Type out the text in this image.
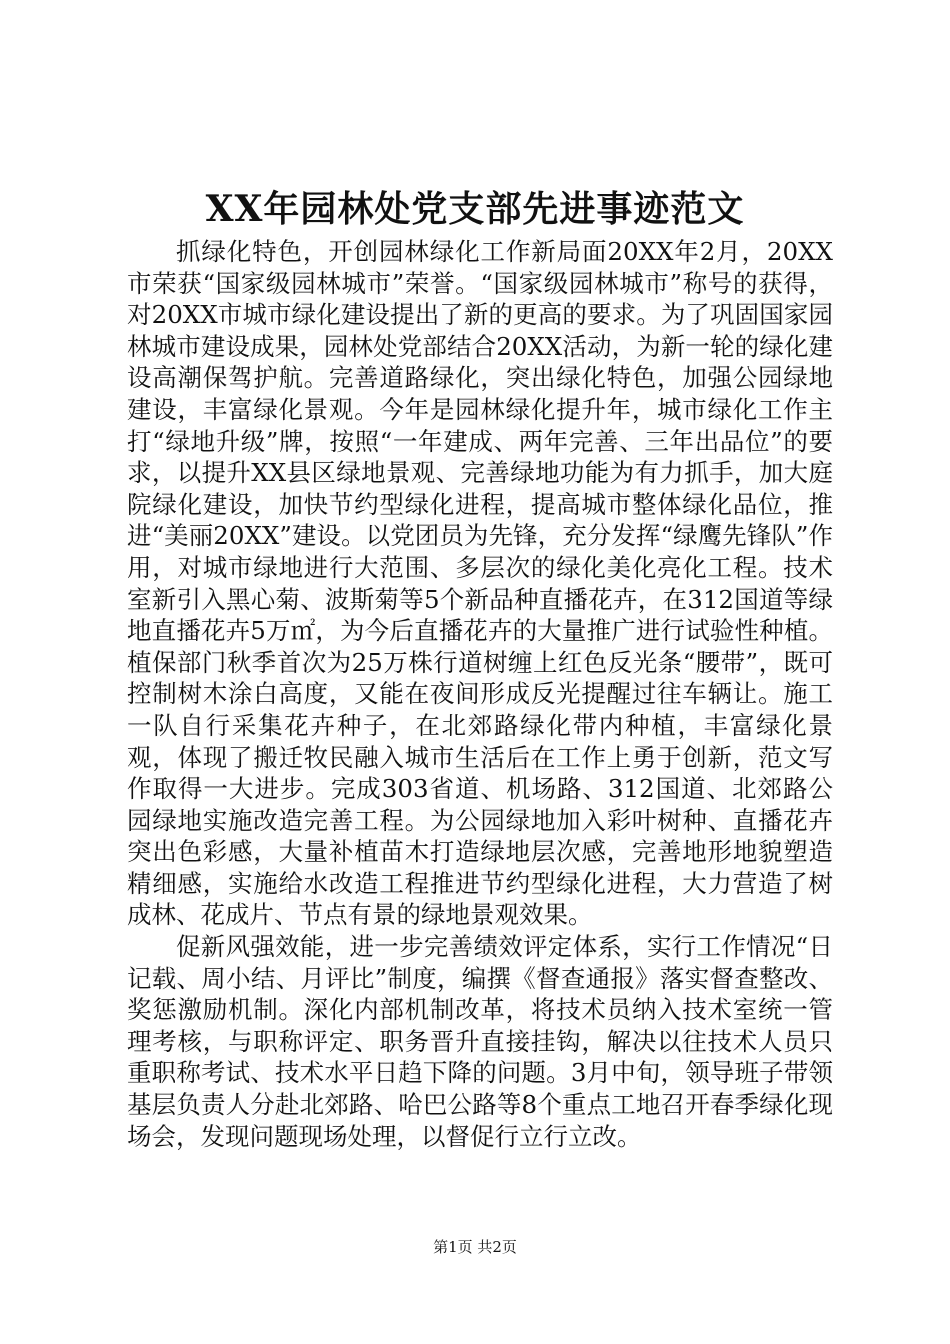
XX年园林处党支部先进事迹范文

抓绿化特色，开创园林绿化工作新局面20XX年2月，20XX市荣获“国家级园林城市”荣誉。“国家级园林城市”称号的获得，对20XX市城市绿化建设提出了新的更高的要求。为了巩固国家园林城市建设成果，园林处党部结合20XX活动，为新一轮的绿化建设高潮保驾护航。完善道路绿化，突出绿化特色，加强公园绿地建设，丰富绿化景观。今年是园林绿化提升年，城市绿化工作主打“绿地升级”牌，按照“一年建成、两年完善、三年出品位”的要求，以提升XX县区绿地景观、完善绿地功能为有力抓手，加大庭院绿化建设，加快节约型绿化进程，提高城市整体绿化品位，推进“美丽20XX”建设。以党团员为先锋，充分发挥“绿鹰先锋队”作用，对城市绿地进行大范围、多层次的绿化美化亮化工程。技术室新引入黑心菊、波斯菊等5个新品种直播花卉，在312国道等绿地直播花卉5万㎡，为今后直播花卉的大量推广进行试验性种植。植保部门秋季首次为25万株行道树缠上红色反光条“腰带”，既可控制树木涂白高度，又能在夜间形成反光提醒过往车辆让。施工一队自行采集花卉种子，在北郊路绿化带内种植，丰富绿化景观，体现了搬迁牧民融入城市生活后在工作上勇于创新，范文写作取得一大进步。完成303省道、机场路、312国道、北郊路公园绿地实施改造完善工程。为公园绿地加入彩叶树种、直播花卉突出色彩感，大量补植苗木打造绿地层次感，完善地形地貌塑造精细感，实施给水改造工程推进节约型绿化进程，大力营造了树成林、花成片、节点有景的绿地景观效果。

促新风强效能，进一步完善绩效评定体系，实行工作情况“日记载、周小结、月评比”制度，编撰《督查通报》落实督查整改、奖惩激励机制。深化内部机制改革，将技术员纳入技术室统一管理考核，与职称评定、职务晋升直接挂钩，解决以往技术人员只重职称考试、技术水平日趋下降的问题。3月中旬，领导班子带领基层负责人分赴北郊路、哈巴公路等8个重点工地召开春季绿化现场会，发现问题现场处理，以督促行立行立改。

第1页 共2页
